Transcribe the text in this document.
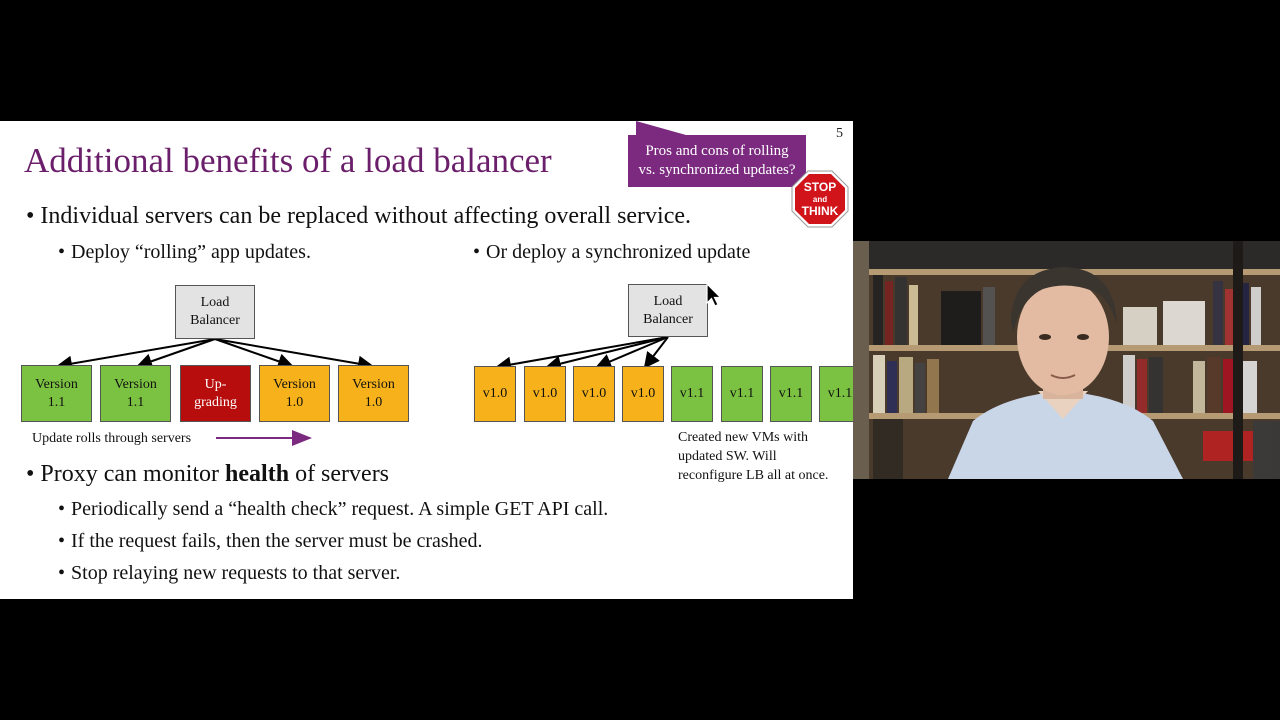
Additional benefits of a load balancer
5
Pros and cons of rolling
vs. synchronized updates?
STOP
and
THINK
• Individual servers can be replaced without affecting overall service.
• Deploy “rolling” app updates.	• Or deploy a synchronized update
Load
Balancer
Version
1.1
Version
1.1
Up-
grading
Version
1.0
Version
1.0
Update rolls through servers
Load
Balancer
v1.0	v1.0	v1.0	v1.0	v1.1	v1.1	v1.1	v1.1
Created new VMs with
updated SW. Will
reconfigure LB all at once.
• Proxy can monitor health of servers
• Periodically send a “health check” request. A simple GET API call.
• If the request fails, then the server must be crashed.
• Stop relaying new requests to that server.
